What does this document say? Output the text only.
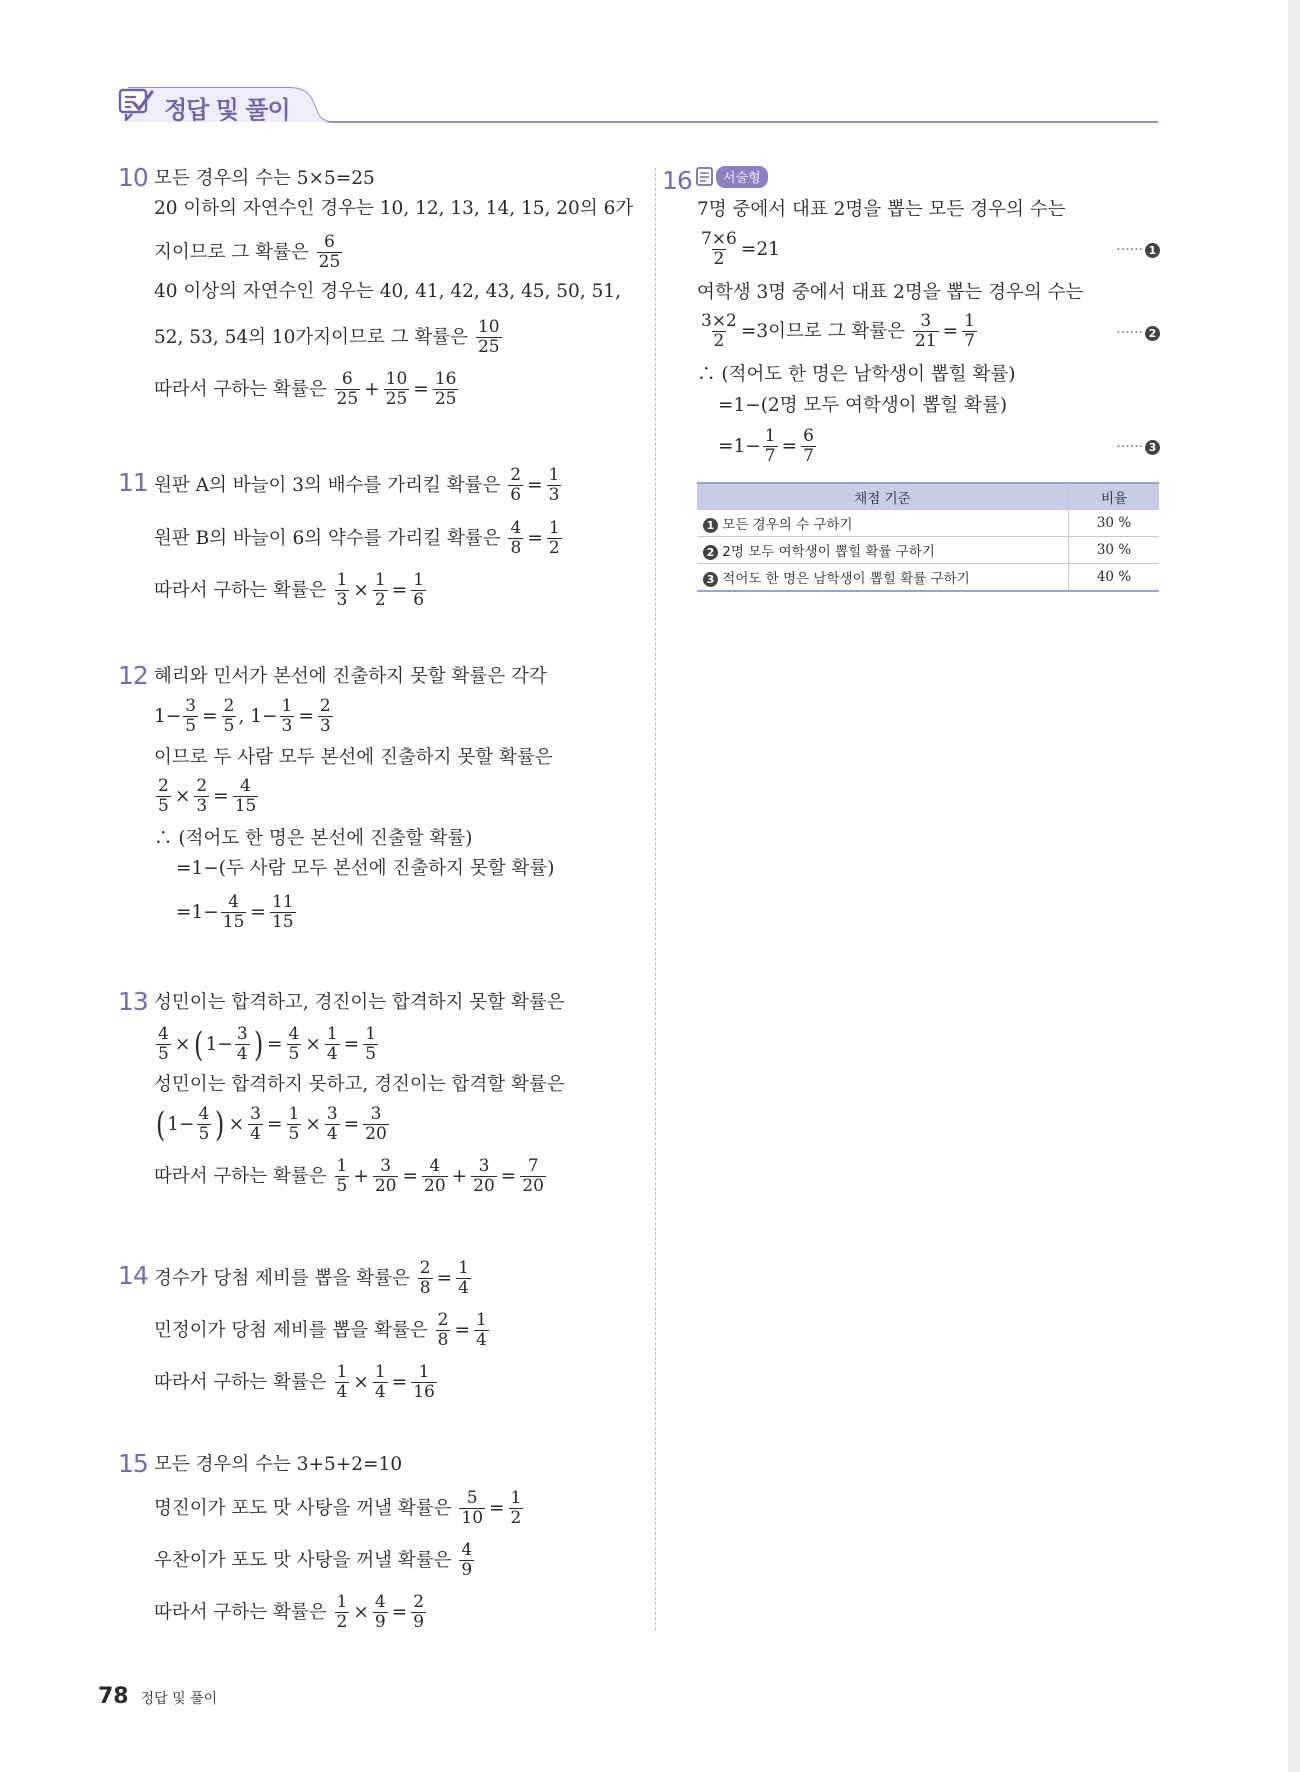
정답 및 풀이
10 모든 경우의 수는 5×5=25
20 이하의 자연수인 경우는 10, 12, 13, 14, 15, 20의 6가
지이므로 그 확률은
6
25
40 이상의 자연수인 경우는 40, 41, 42, 43, 45, 50, 51,
52, 53, 54의 10가지이므로 그 확률은
10
25
따라서 구하는 확률은
6
$25 + \frac{10}{25} = \frac{16}{25}$
11 원판 A의 바늘이 3의 배수를 가리킬 확률은
$\frac{2}{6} = \frac{1}{3}$
원판 B의 바늘이 6의 약수를 가리킬 확률은
$\frac{4}{8} = \frac{1}{2}$
따라서 구하는 확률은
$\frac{1}{3} \times \frac{1}{2} = \frac{1}{6}$
12 혜리와 민서가 본선에 진출하지 못할 확률은 각각
$1- \frac{3}{5} = \frac{2}{5}$ , $1- \frac{1}{3} = \frac{2}{3}$
이므로 두 사람 모두 본선에 진출하지 못할 확률은
$\frac{2}{5} \times \frac{2}{3} = \frac{4}{15}$
∴ (적어도 한 명은 본선에 진출할 확률)
=1−(두 사람 모두 본선에 진출하지 못할 확률)
$=1- \frac{4}{15} = \frac{11}{15}$
13 성민이는 합격하고, 경진이는 합격하지 못할 확률은
$\frac{4}{5}$ × ( $1- \frac{3}{4}$ ) = $\frac{4}{5} \times \frac{1}{4} = \frac{1}{5}$
성민이는 합격하지 못하고, 경진이는 합격할 확률은
( $1- \frac{4}{5}$ ) × $\frac{3}{4} = \frac{1}{5} \times \frac{3}{4} = \frac{3}{20}$
따라서 구하는 확률은
1
$5 + \frac{3}{20} = \frac{4}{20} + \frac{3}{20} = \frac{7}{20}$
14 경수가 당첨 제비를 뽑을 확률은
$\frac{2}{8} = \frac{1}{4}$
민정이가 당첨 제비를 뽑을 확률은
$\frac{2}{8} = \frac{1}{4}$
따라서 구하는 확률은
$\frac{1}{4} \times \frac{1}{4} = \frac{1}{16}$
15 모든 경우의 수는 3+5+2=10
명진이가 포도 맛 사탕을 꺼낼 확률은
$\frac{5}{10} = \frac{1}{2}$
우찬이가 포도 맛 사탕을 꺼낼 확률은
4
9
따라서 구하는 확률은
$\frac{1}{2} \times \frac{4}{9} = \frac{2}{9}$
16	서술형
7명 중에서 대표 2명을 뽑는 모든 경우의 수는
$\frac{7\times 6}{2} =21$	······ 1
여학생 3명 중에서 대표 2명을 뽑는 경우의 수는
$\frac{3\times 2}{2} =3$이므로 그 확률은
$\frac{3}{21} = \frac{1}{7}$	······ 2
∴ (적어도 한 명은 남학생이 뽑힐 확률)
=1−(2명 모두 여학생이 뽑힐 확률)
$=1- \frac{1}{7} = \frac{6}{7}$	······ 3
채점 기준	비율
1 모든 경우의 수 구하기	30 %
2 2명 모두 여학생이 뽑힐 확률 구하기	30 %
3 적어도 한 명은 남학생이 뽑힐 확률 구하기	40 %
78 정답 및 풀이
